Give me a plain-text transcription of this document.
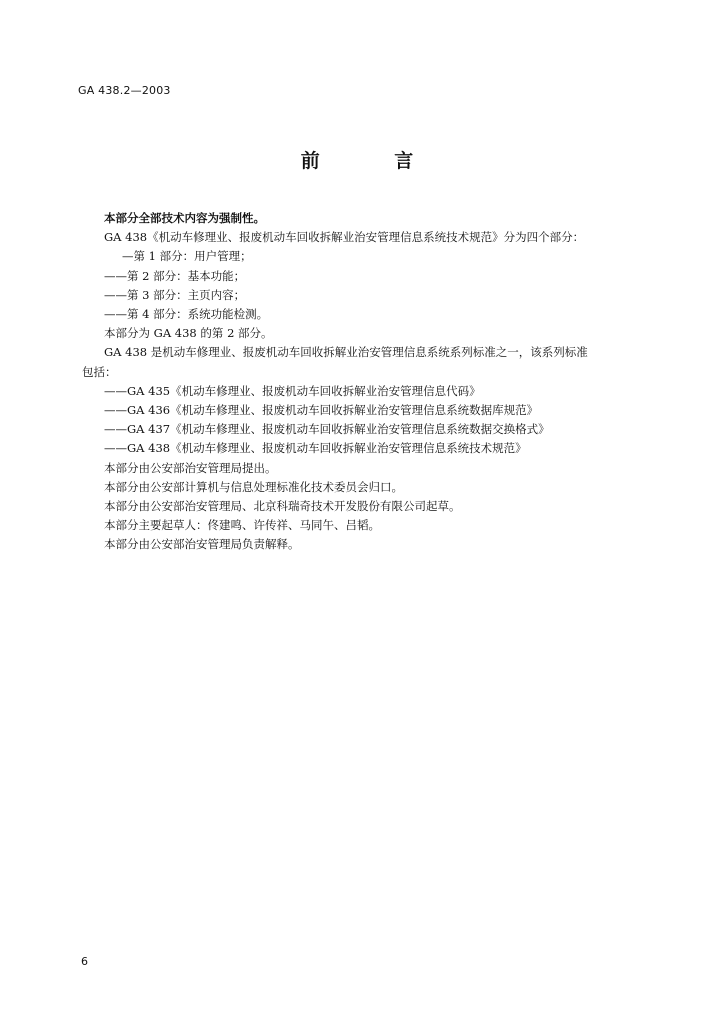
GA 438.2—2003
前 言
本部分全部技术内容为强制性。
GA 438《机动车修理业、报废机动车回收拆解业治安管理信息系统技术规范》分为四个部分：
—第 1 部分：用户管理；
——第 2 部分：基本功能；
——第 3 部分：主页内容；
——第 4 部分：系统功能检测。
本部分为 GA 438 的第 2 部分。
GA 438 是机动车修理业、报废机动车回收拆解业治安管理信息系统系列标准之一，该系列标准
包括：
——GA 435《机动车修理业、报废机动车回收拆解业治安管理信息代码》
——GA 436《机动车修理业、报废机动车回收拆解业治安管理信息系统数据库规范》
——GA 437《机动车修理业、报废机动车回收拆解业治安管理信息系统数据交换格式》
——GA 438《机动车修理业、报废机动车回收拆解业治安管理信息系统技术规范》
本部分由公安部治安管理局提出。
本部分由公安部计算机与信息处理标准化技术委员会归口。
本部分由公安部治安管理局、北京科瑞奇技术开发股份有限公司起草。
本部分主要起草人：佟建鸣、许传祥、马同午、吕韬。
本部分由公安部治安管理局负责解释。
6
